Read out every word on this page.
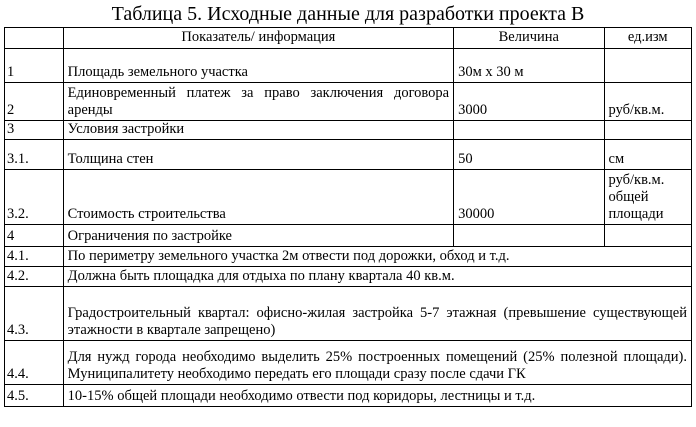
Таблица 5. Исходные данные для разработки проекта В
	Показатель/ информация	Величина	ед.изм
1	Площадь земельного участка	30м х 30 м	
2	Единовременный платеж за право заключения договора аренды	3000	руб/кв.м.
3	Условия застройки		
3.1.	Толщина стен	50	см
3.2.	Стоимость строительства	30000	руб/кв.м. общей площади
4	Ограничения по застройке		
4.1.	По периметру земельного участка 2м отвести под дорожки, обход и т.д.		
4.2.	Должна быть площадка для отдыха по плану квартала 40 кв.м.		
4.3.	Градостроительный квартал: офисно-жилая застройка 5-7 этажная (превышение существующей этажности в квартале запрещено)		
4.4.	Для нужд города необходимо выделить 25% построенных помещений (25% полезной площади). Муниципалитету необходимо передать его площади сразу после сдачи ГК		
4.5.	10-15% общей площади необходимо отвести под коридоры, лестницы и т.д.		
